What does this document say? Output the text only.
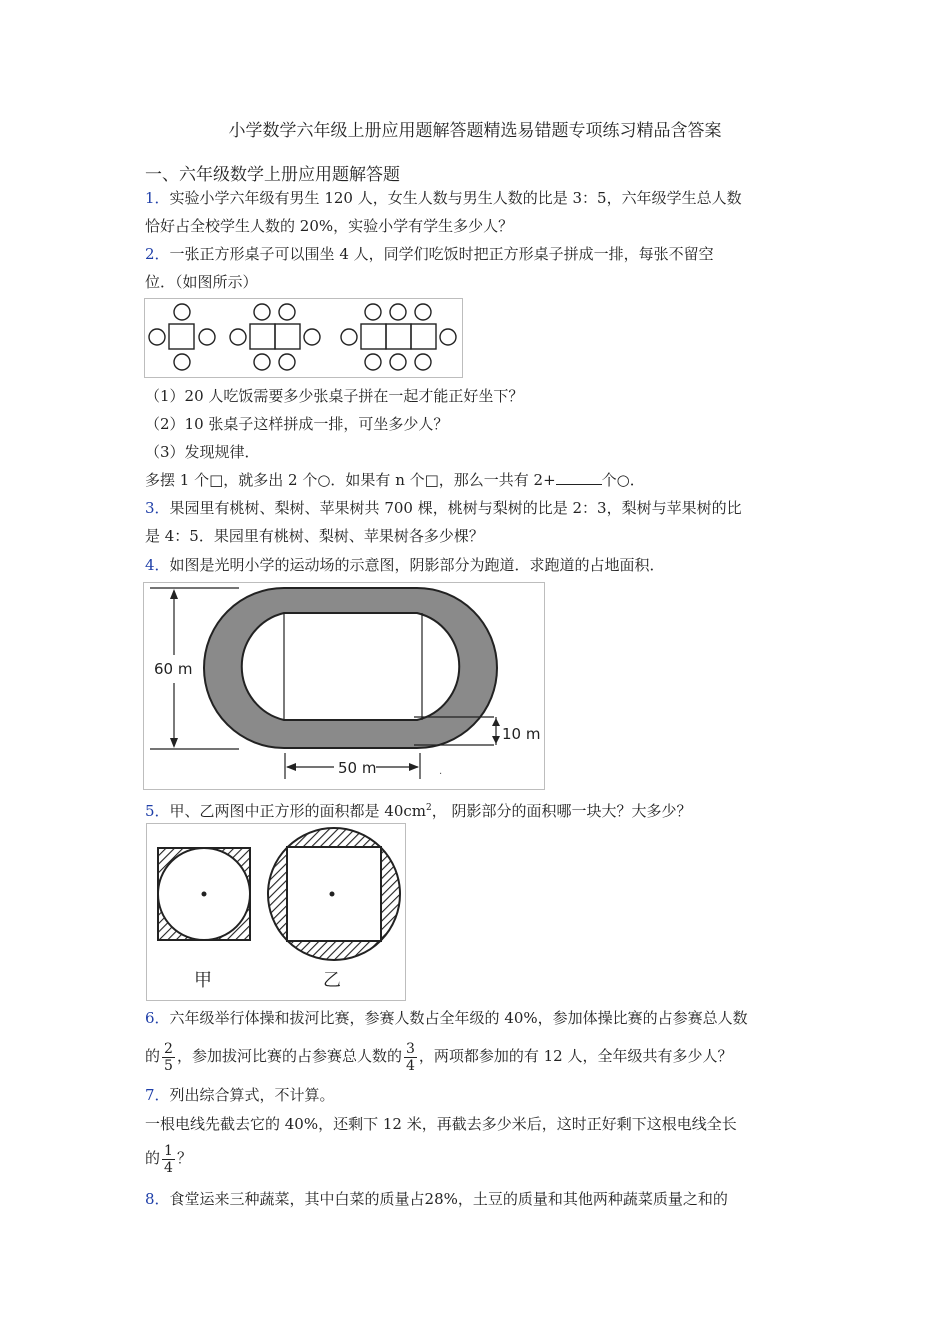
小学数学六年级上册应用题解答题精选易错题专项练习精品含答案
一、六年级数学上册应用题解答题
1．实验小学六年级有男生 120 人，女生人数与男生人数的比是 3：5，六年级学生总人数
恰好占全校学生人数的 20%，实验小学有学生多少人？
2．一张正方形桌子可以围坐 4 人，同学们吃饭时把正方形桌子拼成一排，每张不留空
位．（如图所示）
（1）20 人吃饭需要多少张桌子拼在一起才能正好坐下？
（2）10 张桌子这样拼成一排，可坐多少人？
（3）发现规律．
多摆 1 个□，就多出 2 个○．如果有 n 个□，那么一共有 2+	个○．
3．果园里有桃树、梨树、苹果树共 700 棵，桃树与梨树的比是 2：3，梨树与苹果树的比
是 4：5．果园里有桃树、梨树、苹果树各多少棵？
4．如图是光明小学的运动场的示意图，阴影部分为跑道．求跑道的占地面积．
60 m
10 m
50 m	·
5．甲、乙两图中正方形的面积都是 $40cm^2$， 阴影部分的面积哪一块大？大多少？
甲	乙
6．六年级举行体操和拔河比赛，参赛人数占全年级的 40%，参加体操比赛的占参赛总人数
的 $\frac{2}{5}$ ，参加拔河比赛的占参赛总人数的 $\frac{3}{4}$ ，两项都参加的有 12 人，全年级共有多少人？
7．列出综合算式，不计算。
一根电线先截去它的 40%，还剩下 12 米，再截去多少米后，这时正好剩下这根电线全长
的 $\frac{1}{4}$ ？
8．食堂运来三种蔬菜，其中白菜的质量占28%，土豆的质量和其他两种蔬菜质量之和的
